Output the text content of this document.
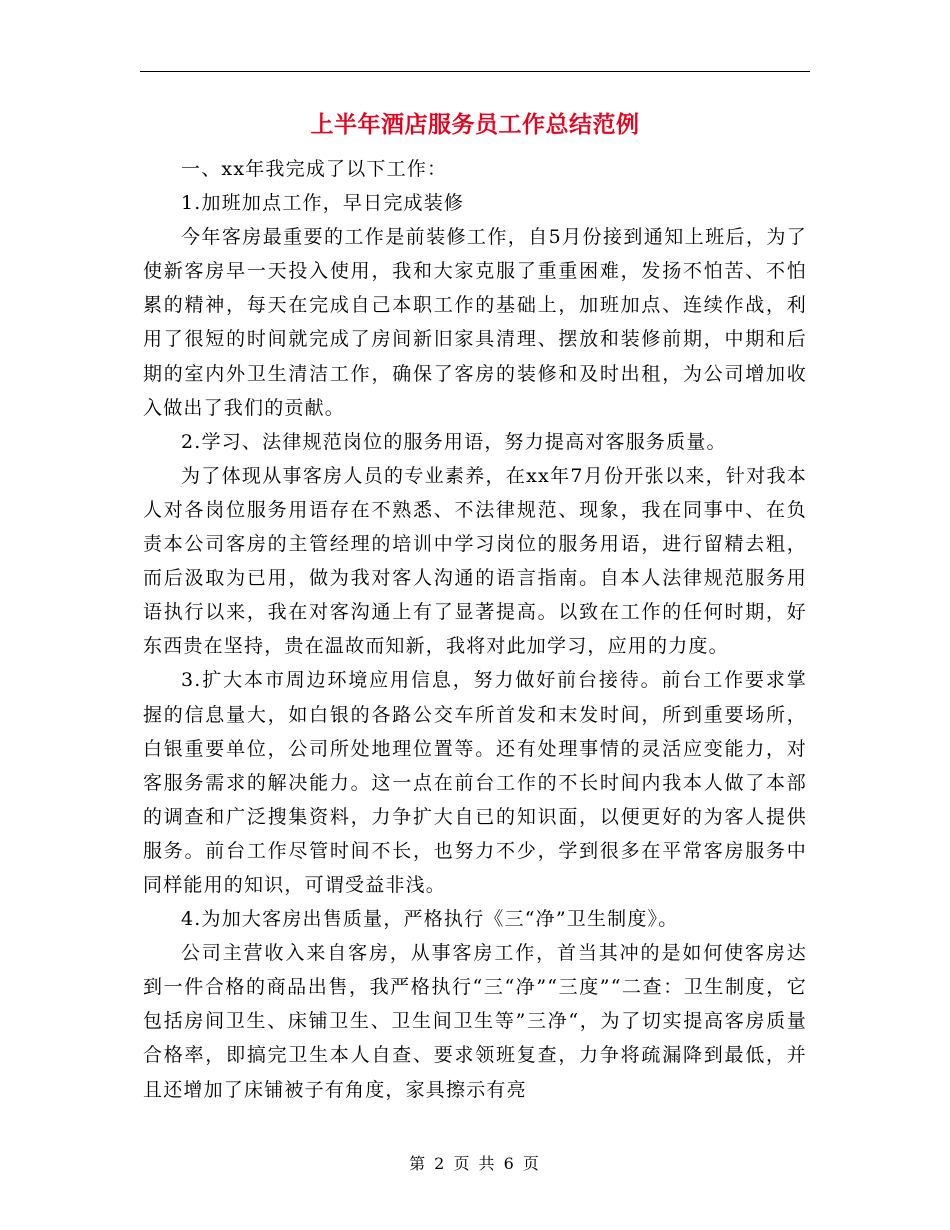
上半年酒店服务员工作总结范例

一、xx年我完成了以下工作：

1.加班加点工作，早日完成装修

今年客房最重要的工作是前装修工作，自5月份接到通知上班后，为了使新客房早一天投入使用，我和大家克服了重重困难，发扬不怕苦、不怕累的精神，每天在完成自己本职工作的基础上，加班加点、连续作战，利用了很短的时间就完成了房间新旧家具清理、摆放和装修前期，中期和后期的室内外卫生清洁工作，确保了客房的装修和及时出租，为公司增加收入做出了我们的贡献。

2.学习、法律规范岗位的服务用语，努力提高对客服务质量。

为了体现从事客房人员的专业素养，在xx年7月份开张以来，针对我本人对各岗位服务用语存在不熟悉、不法律规范、现象，我在同事中、在负责本公司客房的主管经理的培训中学习岗位的服务用语，进行留精去粗，而后汲取为已用，做为我对客人沟通的语言指南。自本人法律规范服务用语执行以来，我在对客沟通上有了显著提高。以致在工作的任何时期，好东西贵在坚持，贵在温故而知新，我将对此加学习，应用的力度。

3.扩大本市周边环境应用信息，努力做好前台接待。前台工作要求掌握的信息量大，如白银的各路公交车所首发和末发时间，所到重要场所，白银重要单位，公司所处地理位置等。还有处理事情的灵活应变能力，对客服务需求的解决能力。这一点在前台工作的不长时间内我本人做了本部的调查和广泛搜集资料，力争扩大自已的知识面，以便更好的为客人提供服务。前台工作尽管时间不长，也努力不少，学到很多在平常客房服务中同样能用的知识，可谓受益非浅。

4.为加大客房出售质量，严格执行《三“净”卫生制度》。

公司主营收入来自客房，从事客房工作，首当其冲的是如何使客房达到一件合格的商品出售，我严格执行“三“净”“三度”“二查：卫生制度，它包括房间卫生、床铺卫生、卫生间卫生等”三净“，为了切实提高客房质量合格率，即搞完卫生本人自查、要求领班复查，力争将疏漏降到最低，并且还增加了床铺被子有角度，家具擦示有亮

第 2 页 共 6 页
